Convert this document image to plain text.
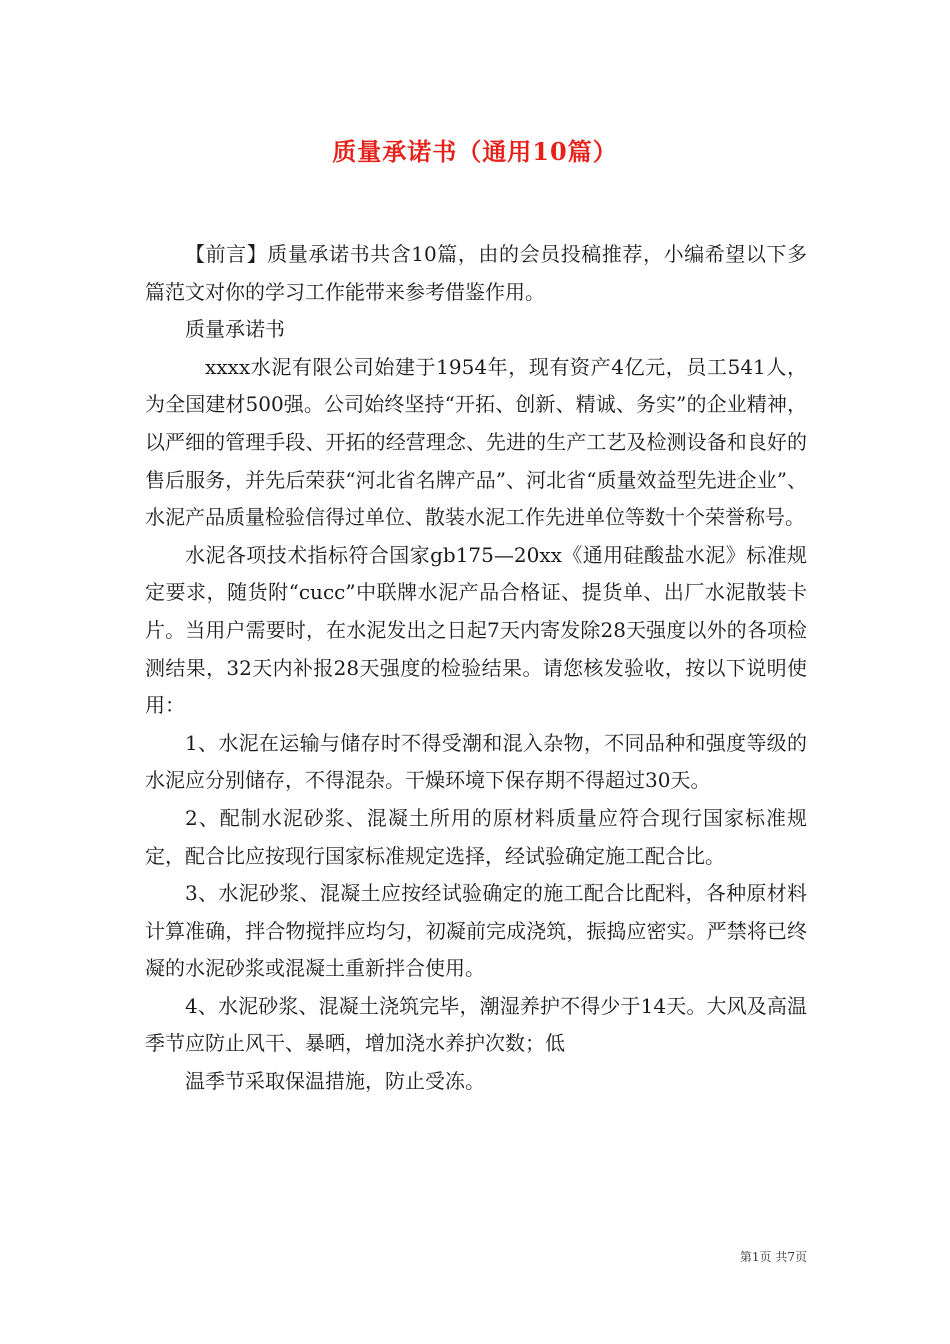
质量承诺书（通用10篇）

【前言】质量承诺书共含10篇，由的会员投稿推荐，小编希望以下多篇范文对你的学习工作能带来参考借鉴作用。

质量承诺书

xxxx水泥有限公司始建于1954年，现有资产4亿元，员工541人，为全国建材500强。公司始终坚持“开拓、创新、精诚、务实”的企业精神，以严细的管理手段、开拓的经营理念、先进的生产工艺及检测设备和良好的售后服务，并先后荣获“河北省名牌产品”、河北省“质量效益型先进企业”、水泥产品质量检验信得过单位、散装水泥工作先进单位等数十个荣誉称号。

水泥各项技术指标符合国家gb175—20xx《通用硅酸盐水泥》标准规定要求，随货附“cucc”中联牌水泥产品合格证、提货单、出厂水泥散装卡片。当用户需要时，在水泥发出之日起7天内寄发除28天强度以外的各项检测结果，32天内补报28天强度的检验结果。请您核发验收，按以下说明使用：

1、水泥在运输与储存时不得受潮和混入杂物，不同品种和强度等级的水泥应分别储存，不得混杂。干燥环境下保存期不得超过30天。

2、配制水泥砂浆、混凝土所用的原材料质量应符合现行国家标准规定，配合比应按现行国家标准规定选择，经试验确定施工配合比。

3、水泥砂浆、混凝土应按经试验确定的施工配合比配料，各种原材料计算准确，拌合物搅拌应均匀，初凝前完成浇筑，振捣应密实。严禁将已终凝的水泥砂浆或混凝土重新拌合使用。

4、水泥砂浆、混凝土浇筑完毕，潮湿养护不得少于14天。大风及高温季节应防止风干、暴晒，增加浇水养护次数；低

温季节采取保温措施，防止受冻。

第1页 共7页
